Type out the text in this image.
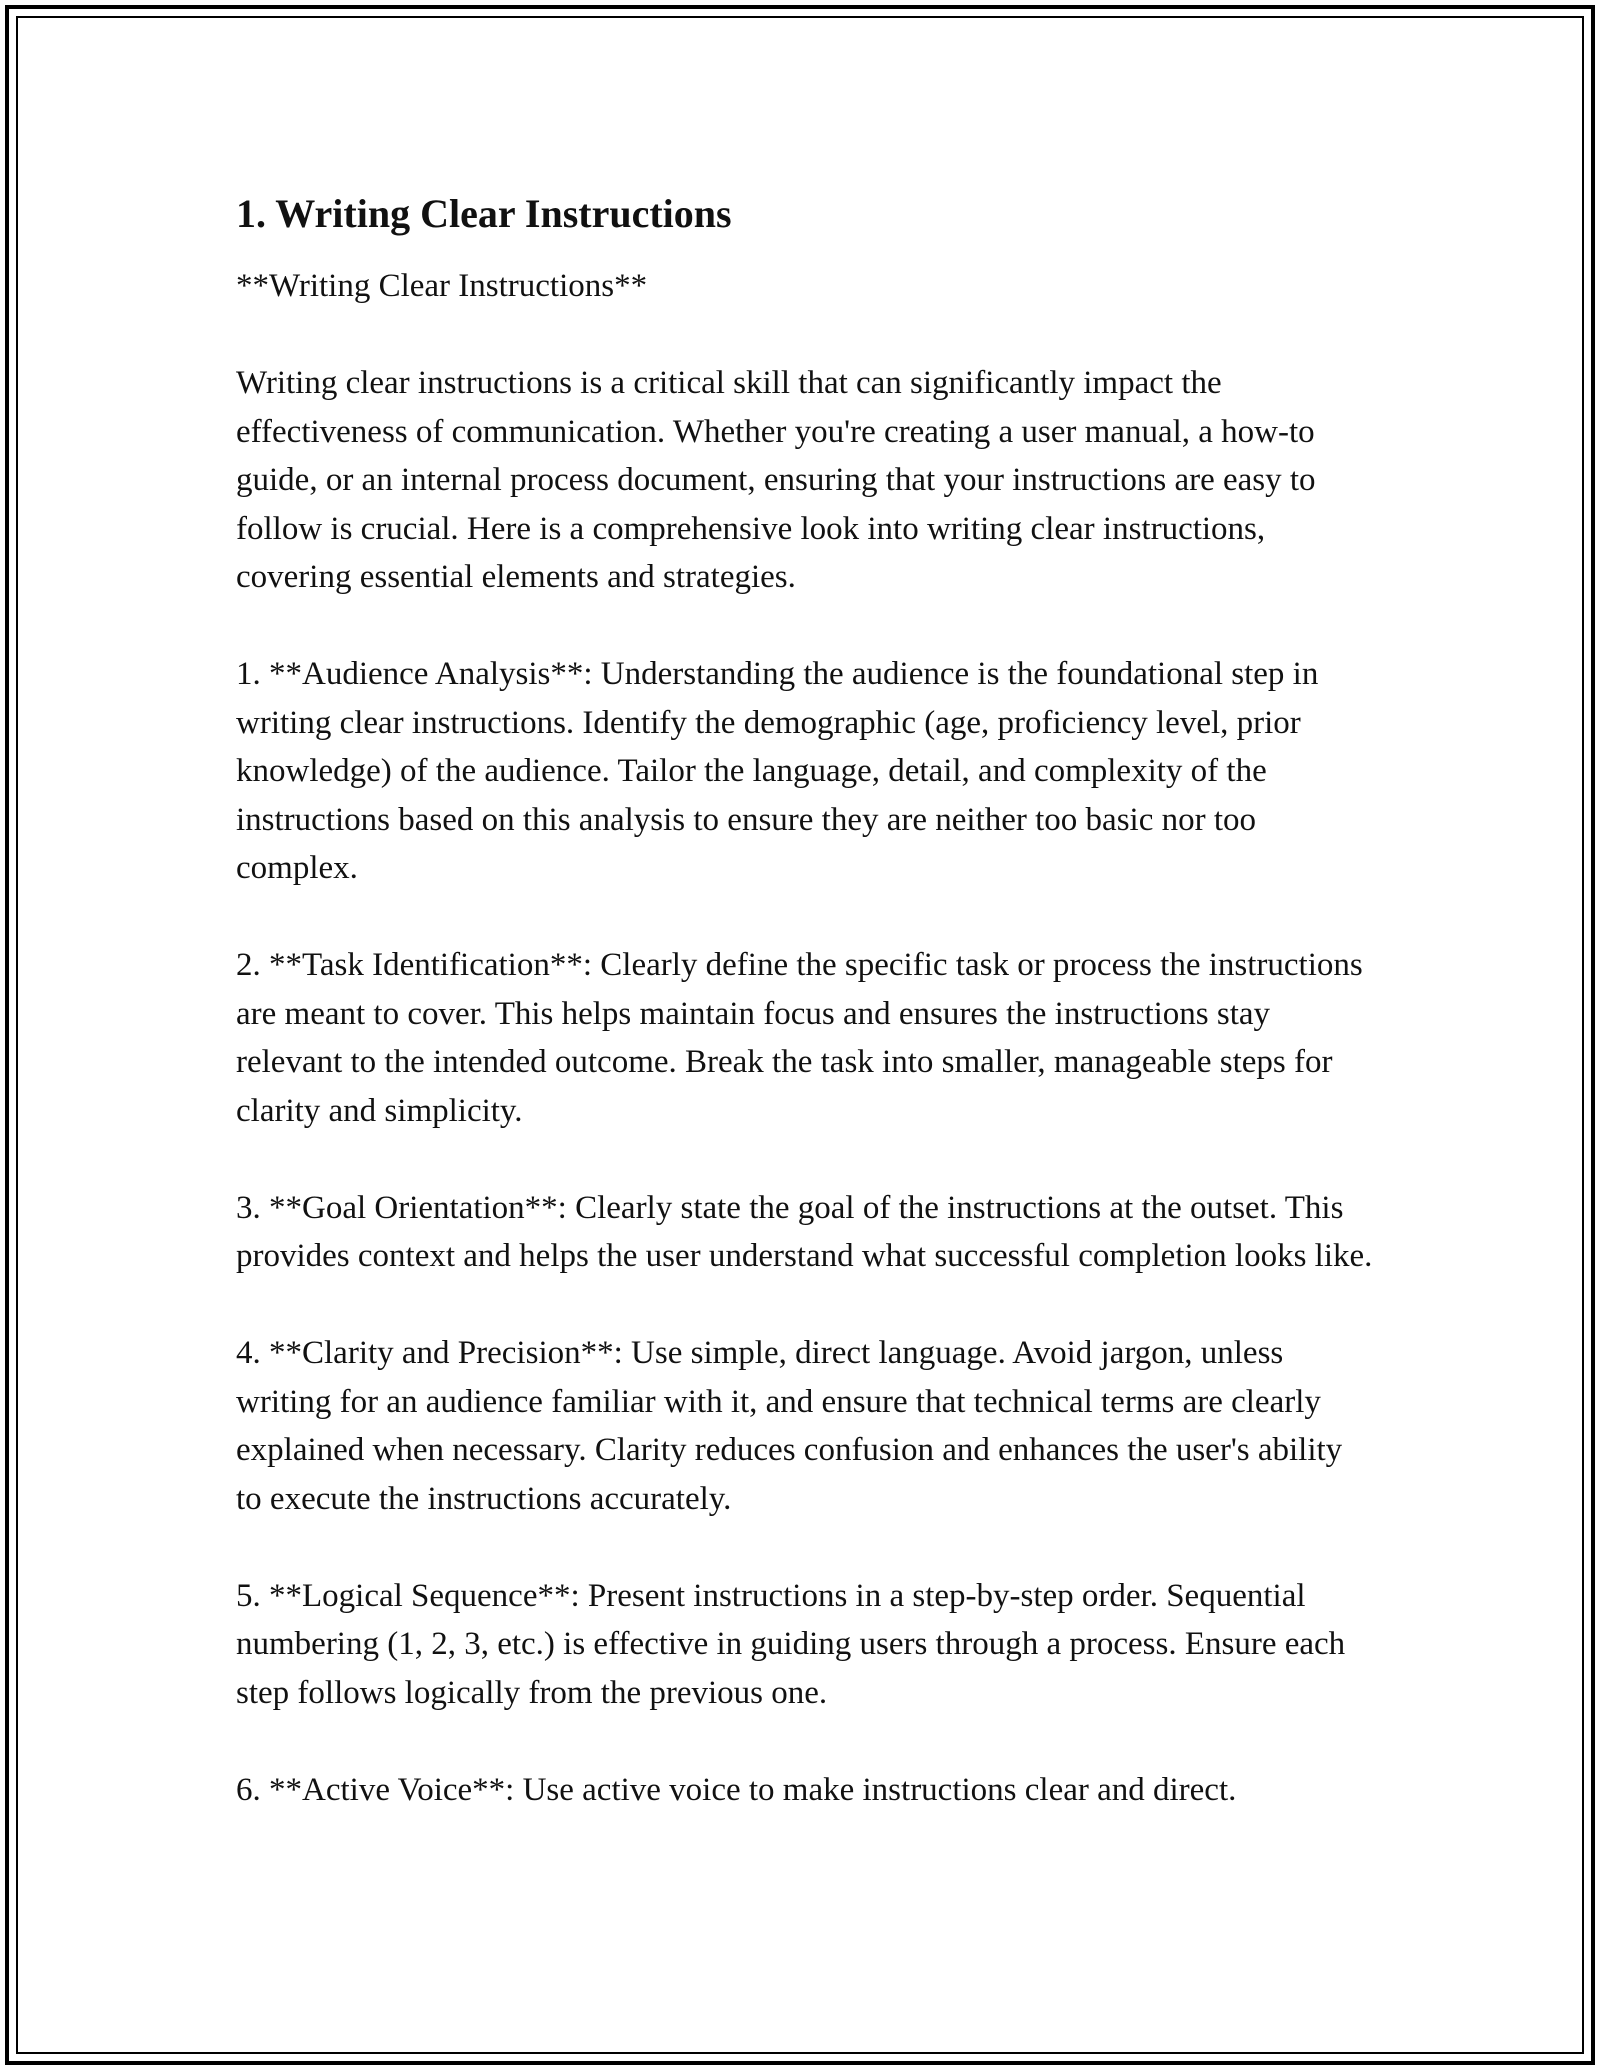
1. Writing Clear Instructions

**Writing Clear Instructions**

Writing clear instructions is a critical skill that can significantly impact the effectiveness of communication. Whether you're creating a user manual, a how-to guide, or an internal process document, ensuring that your instructions are easy to follow is crucial. Here is a comprehensive look into writing clear instructions, covering essential elements and strategies.

1. **Audience Analysis**: Understanding the audience is the foundational step in writing clear instructions. Identify the demographic (age, proficiency level, prior knowledge) of the audience. Tailor the language, detail, and complexity of the instructions based on this analysis to ensure they are neither too basic nor too complex.

2. **Task Identification**: Clearly define the specific task or process the instructions are meant to cover. This helps maintain focus and ensures the instructions stay relevant to the intended outcome. Break the task into smaller, manageable steps for clarity and simplicity.

3. **Goal Orientation**: Clearly state the goal of the instructions at the outset. This provides context and helps the user understand what successful completion looks like.

4. **Clarity and Precision**: Use simple, direct language. Avoid jargon, unless writing for an audience familiar with it, and ensure that technical terms are clearly explained when necessary. Clarity reduces confusion and enhances the user's ability to execute the instructions accurately.

5. **Logical Sequence**: Present instructions in a step-by-step order. Sequential numbering (1, 2, 3, etc.) is effective in guiding users through a process. Ensure each step follows logically from the previous one.

6. **Active Voice**: Use active voice to make instructions clear and direct.
